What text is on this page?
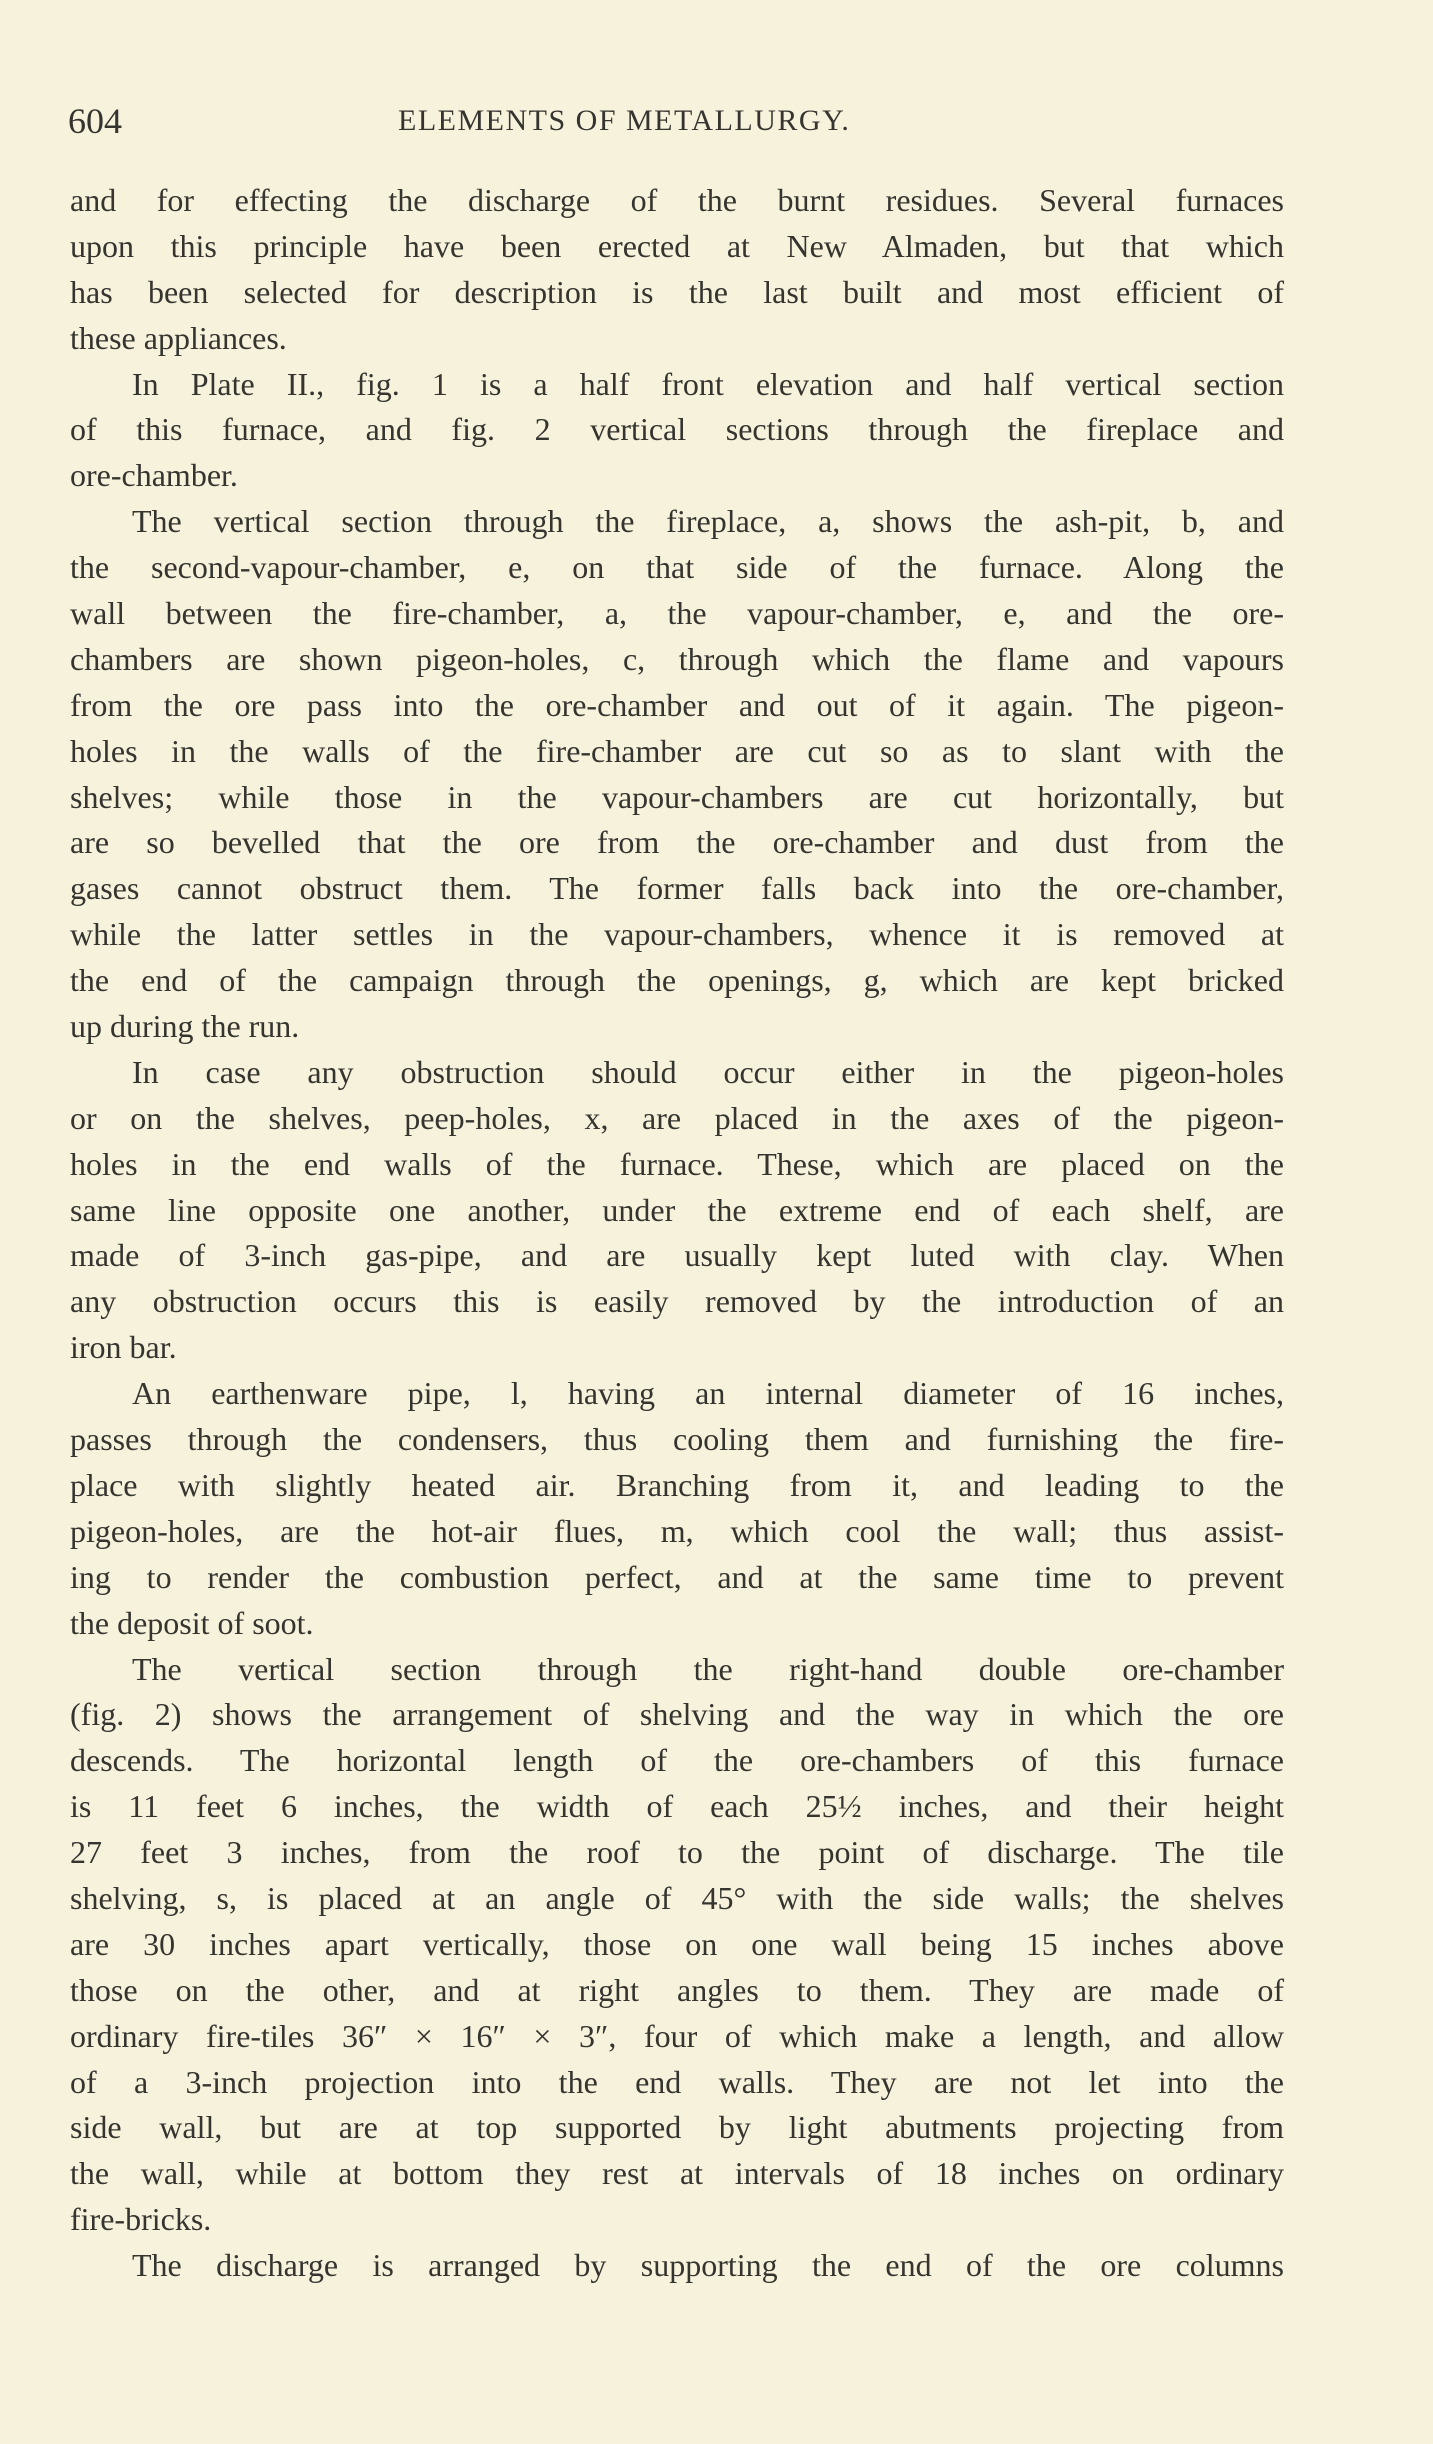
604	ELEMENTS OF METALLURGY.
and for effecting the discharge of the burnt residues. Several furnaces
upon this principle have been erected at New Almaden, but that which
has been selected for description is the last built and most efficient of
these appliances.
In Plate II., fig. 1 is a half front elevation and half vertical section
of this furnace, and fig. 2 vertical sections through the fireplace and
ore-chamber.
The vertical section through the fireplace, a, shows the ash-pit, b, and
the second-vapour-chamber, e, on that side of the furnace. Along the
wall between the fire-chamber, a, the vapour-chamber, e, and the ore-
chambers are shown pigeon-holes, c, through which the flame and vapours
from the ore pass into the ore-chamber and out of it again. The pigeon-
holes in the walls of the fire-chamber are cut so as to slant with the
shelves; while those in the vapour-chambers are cut horizontally, but
are so bevelled that the ore from the ore-chamber and dust from the
gases cannot obstruct them. The former falls back into the ore-chamber,
while the latter settles in the vapour-chambers, whence it is removed at
the end of the campaign through the openings, g, which are kept bricked
up during the run.
In case any obstruction should occur either in the pigeon-holes
or on the shelves, peep-holes, x, are placed in the axes of the pigeon-
holes in the end walls of the furnace. These, which are placed on the
same line opposite one another, under the extreme end of each shelf, are
made of 3-inch gas-pipe, and are usually kept luted with clay. When
any obstruction occurs this is easily removed by the introduction of an
iron bar.
An earthenware pipe, l, having an internal diameter of 16 inches,
passes through the condensers, thus cooling them and furnishing the fire-
place with slightly heated air. Branching from it, and leading to the
pigeon-holes, are the hot-air flues, m, which cool the wall; thus assist-
ing to render the combustion perfect, and at the same time to prevent
the deposit of soot.
The vertical section through the right-hand double ore-chamber
(fig. 2) shows the arrangement of shelving and the way in which the ore
descends. The horizontal length of the ore-chambers of this furnace
is 11 feet 6 inches, the width of each 25½ inches, and their height
27 feet 3 inches, from the roof to the point of discharge. The tile
shelving, s, is placed at an angle of 45° with the side walls; the shelves
are 30 inches apart vertically, those on one wall being 15 inches above
those on the other, and at right angles to them. They are made of
ordinary fire-tiles 36″ × 16″ × 3″, four of which make a length, and allow
of a 3-inch projection into the end walls. They are not let into the
side wall, but are at top supported by light abutments projecting from
the wall, while at bottom they rest at intervals of 18 inches on ordinary
fire-bricks.
The discharge is arranged by supporting the end of the ore columns
